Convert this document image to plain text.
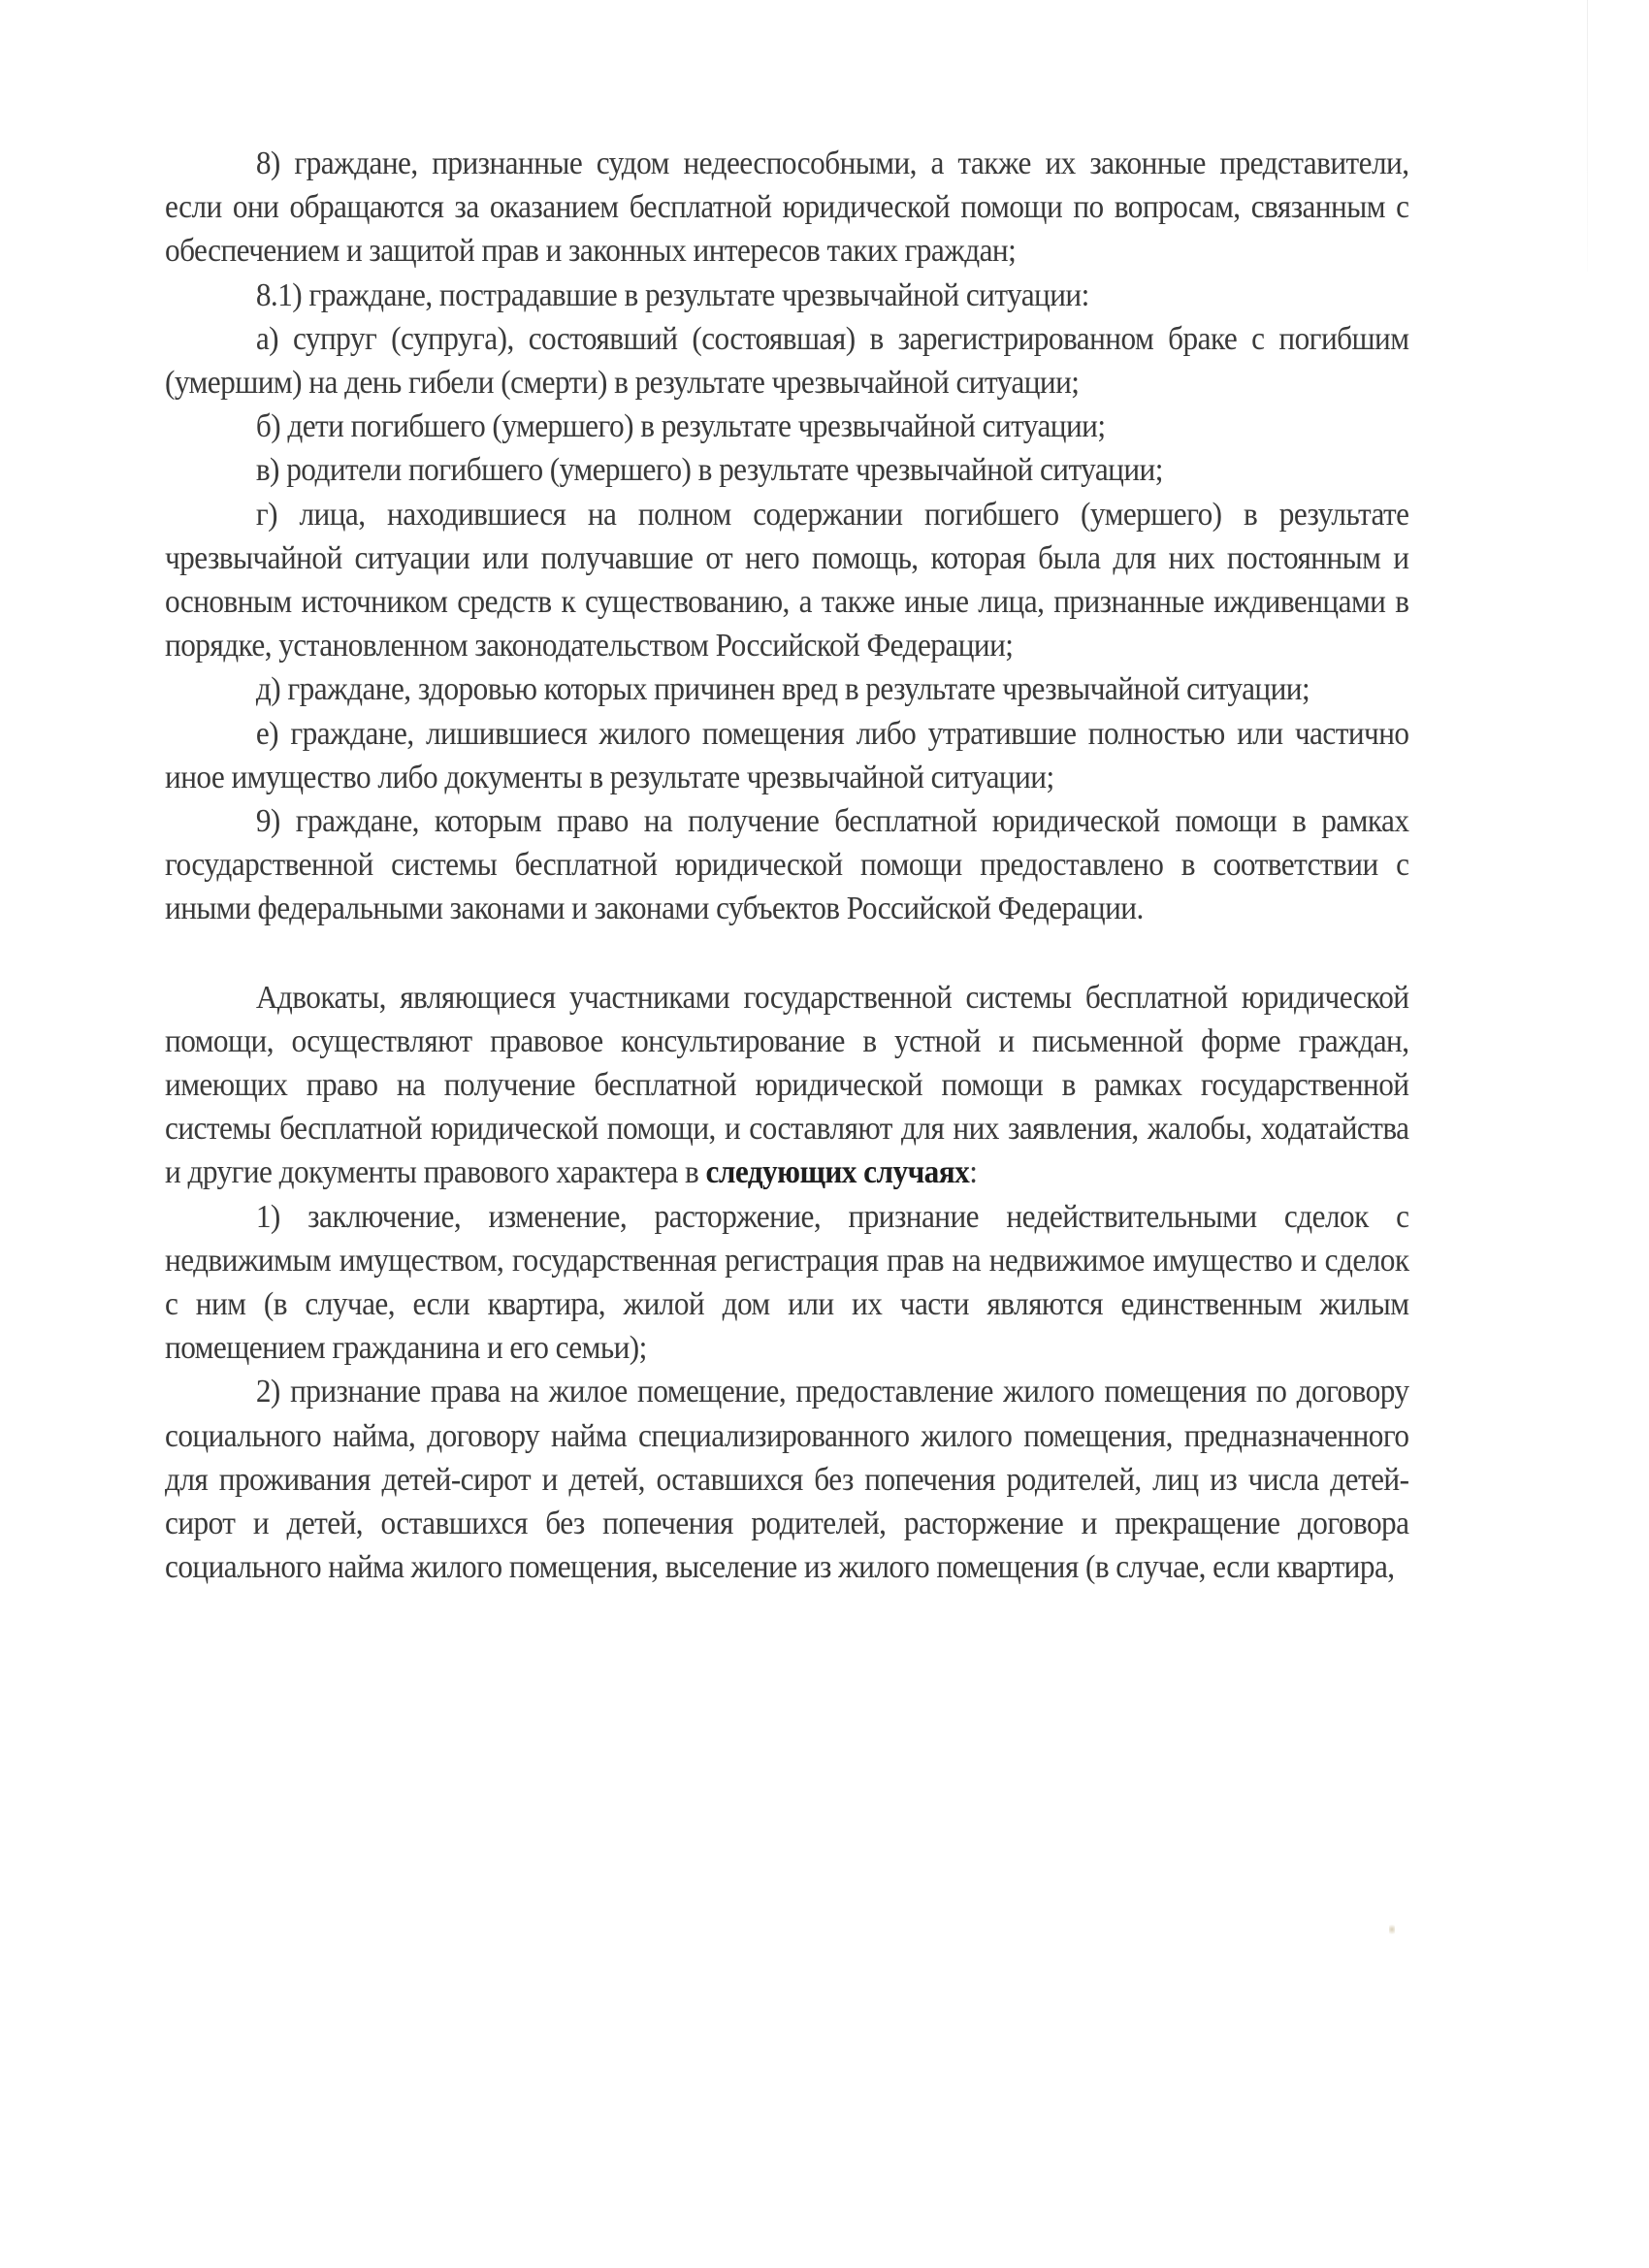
8) граждане, признанные судом недееспособными, а также их законные представители, если они обращаются за оказанием бесплатной юридической помощи по вопросам, связанным с обеспечением и защитой прав и законных интересов таких граждан;

8.1) граждане, пострадавшие в результате чрезвычайной ситуации:

а) супруг (супруга), состоявший (состоявшая) в зарегистрированном браке с погибшим (умершим) на день гибели (смерти) в результате чрезвычайной ситуации;

б) дети погибшего (умершего) в результате чрезвычайной ситуации;

в) родители погибшего (умершего) в результате чрезвычайной ситуации;

г) лица, находившиеся на полном содержании погибшего (умершего) в результате чрезвычайной ситуации или получавшие от него помощь, которая была для них постоянным и основным источником средств к существованию, а также иные лица, признанные иждивенцами в порядке, установленном законодательством Российской Федерации;

д) граждане, здоровью которых причинен вред в результате чрезвычайной ситуации;

е) граждане, лишившиеся жилого помещения либо утратившие полностью или частично иное имущество либо документы в результате чрезвычайной ситуации;

9) граждане, которым право на получение бесплатной юридической помощи в рамках государственной системы бесплатной юридической помощи предоставлено в соответствии с иными федеральными законами и законами субъектов Российской Федерации.

Адвокаты, являющиеся участниками государственной системы бесплатной юридической помощи, осуществляют правовое консультирование в устной и письменной форме граждан, имеющих право на получение бесплатной юридической помощи в рамках государственной системы бесплатной юридической помощи, и составляют для них заявления, жалобы, ходатайства и другие документы правового характера в следующих случаях:

1) заключение, изменение, расторжение, признание недействительными сделок с недвижимым имуществом, государственная регистрация прав на недвижимое имущество и сделок с ним (в случае, если квартира, жилой дом или их части являются единственным жилым помещением гражданина и его семьи);

2) признание права на жилое помещение, предоставление жилого помещения по договору социального найма, договору найма специализированного жилого помещения, предназначенного для проживания детей-сирот и детей, оставшихся без попечения родителей, лиц из числа детей-сирот и детей, оставшихся без попечения родителей, расторжение и прекращение договора социального найма жилого помещения, выселение из жилого помещения (в случае, если квартира,
